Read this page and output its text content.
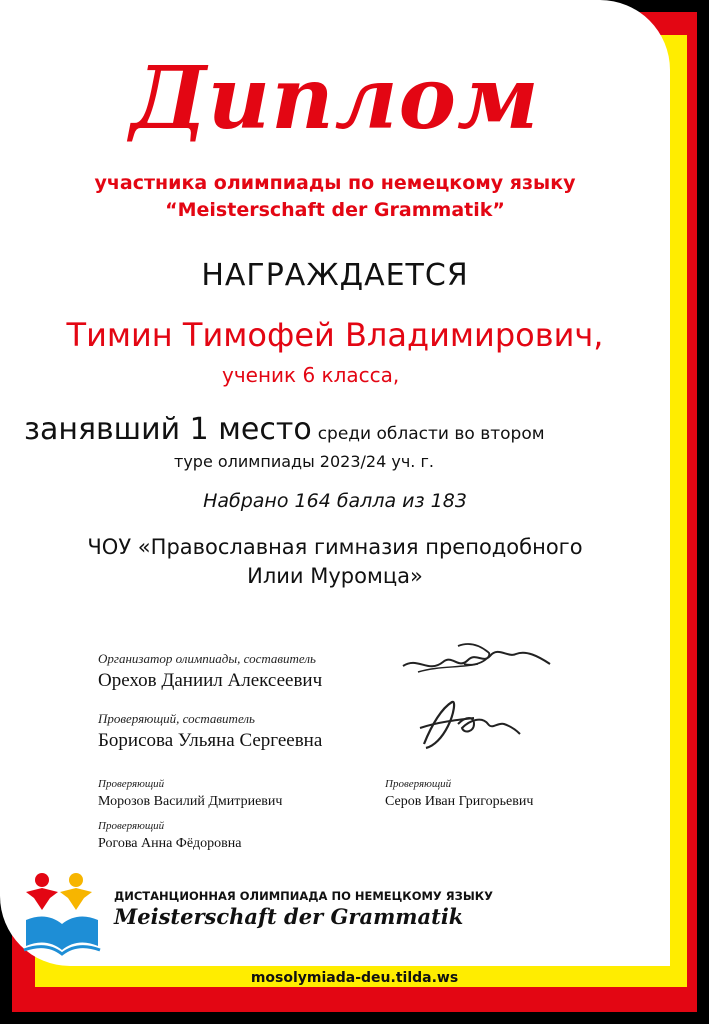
Диплом
участника олимпиады по немецкому языку
“Meisterschaft der Grammatik”
НАГРАЖДАЕТСЯ
Тимин Тимофей Владимирович,
ученик 6 класса,
занявший 1 место среди области во втором
туре олимпиады 2023/24 уч. г.
Набрано 164 балла из 183
ЧОУ «Православная гимназия преподобного
Илии Муромца»
Организатор олимпиады, составитель
Орехов Даниил Алексеевич
Проверяющий, составитель
Борисова Ульяна Сергеевна
Проверяющий
Морозов Василий Дмитриевич
Проверяющий
Серов Иван Григорьевич
Проверяющий
Рогова Анна Фёдоровна
ДИСТАНЦИОННАЯ ОЛИМПИАДА ПО НЕМЕЦКОМУ ЯЗЫКУ
Meisterschaft der Grammatik
mosolymiada-deu.tilda.ws
